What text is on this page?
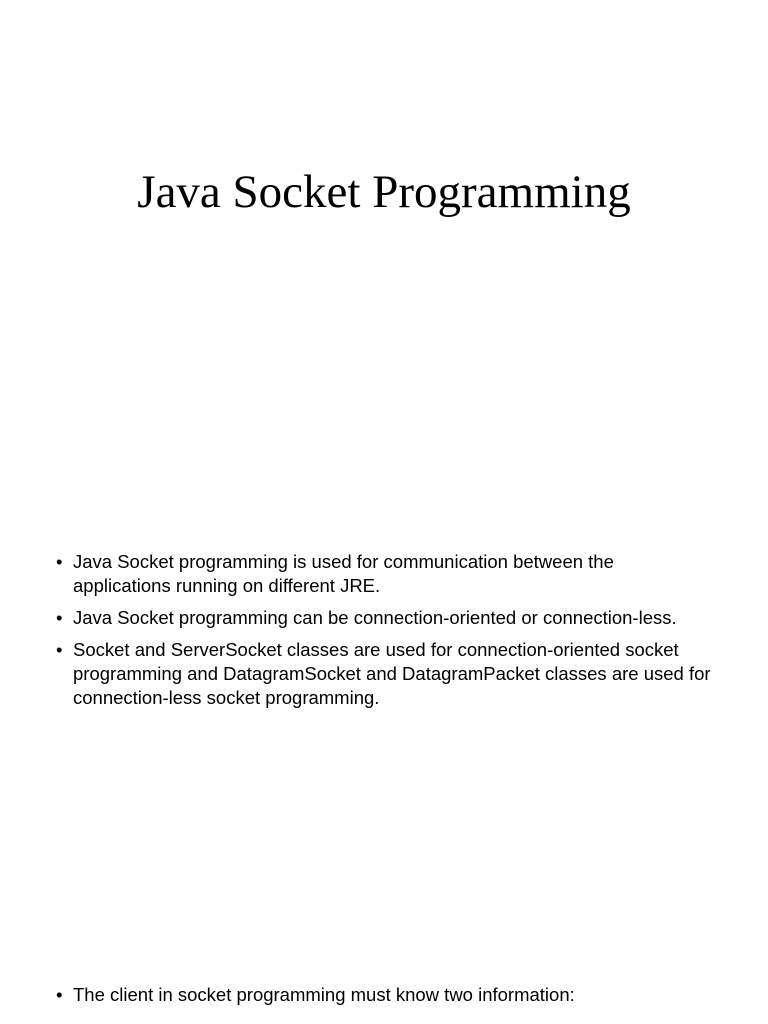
Java Socket Programming
• Java Socket programming is used for communication between the applications running on different JRE.
• Java Socket programming can be connection-oriented or connection-less.
• Socket and ServerSocket classes are used for connection-oriented socket programming and DatagramSocket and DatagramPacket classes are used for connection-less socket programming.
• The client in socket programming must know two information:
